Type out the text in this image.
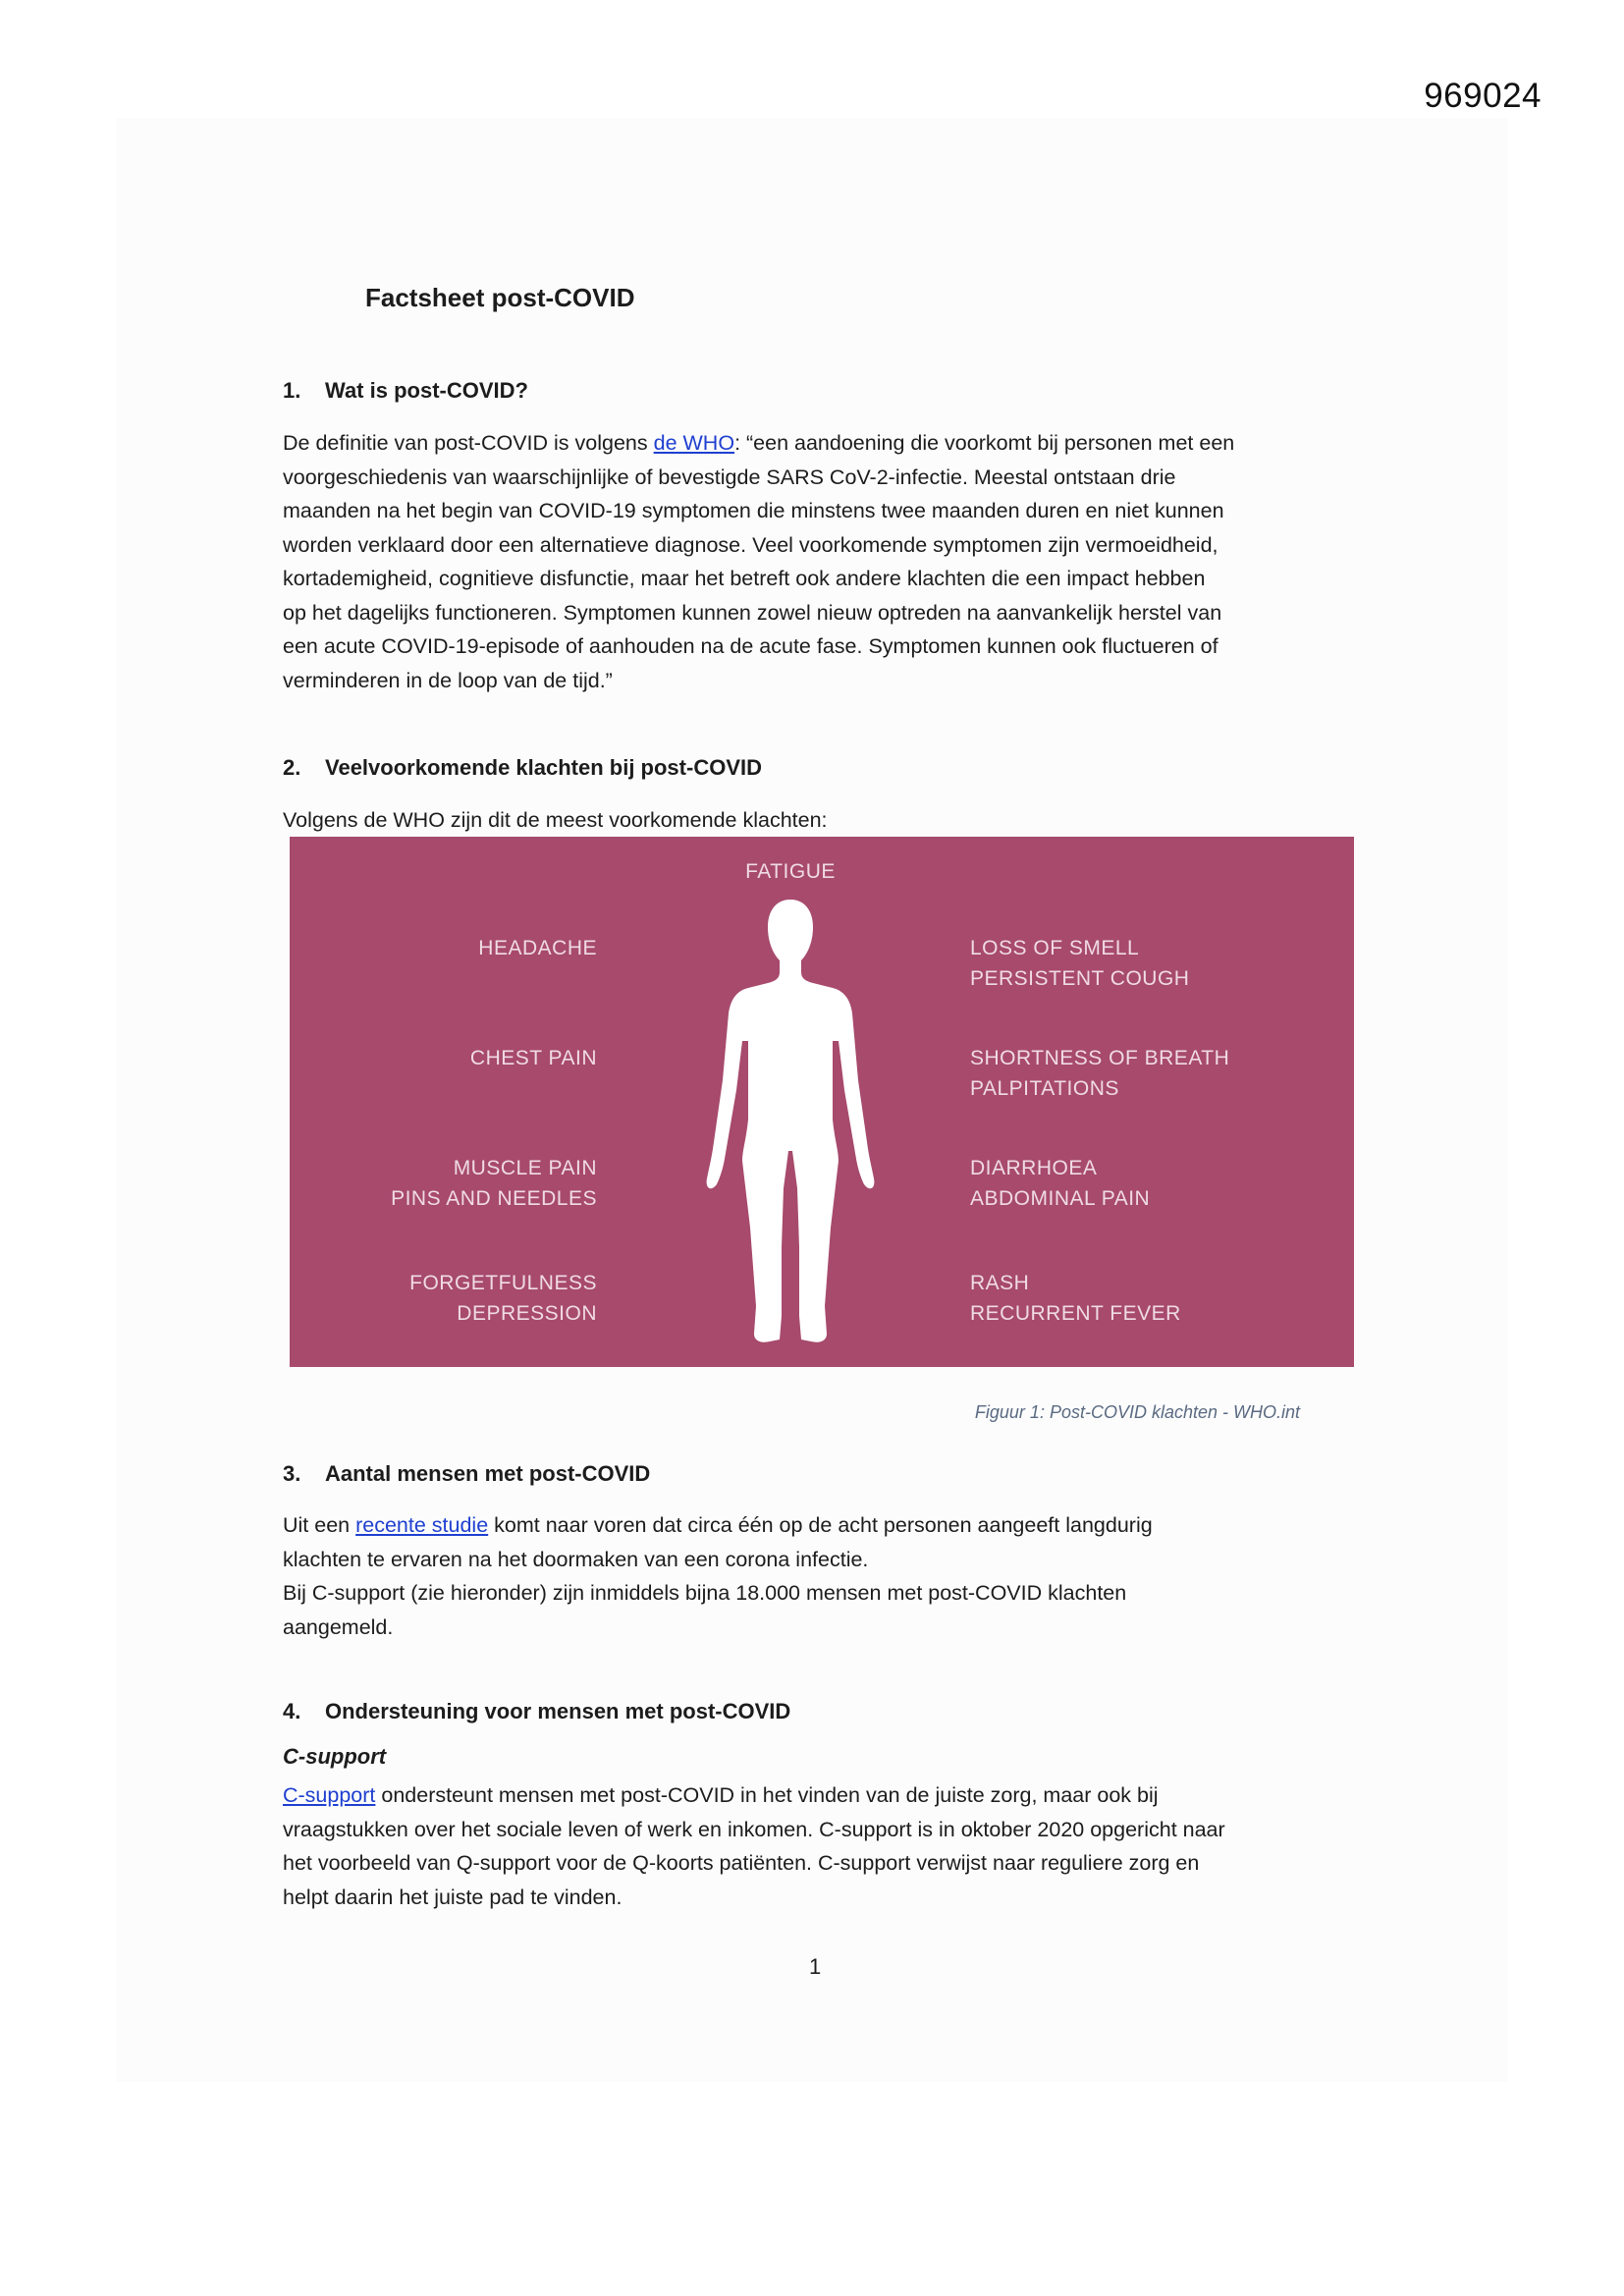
969024
Factsheet post-COVID
1. Wat is post-COVID?

De definitie van post-COVID is volgens de WHO: “een aandoening die voorkomt bij personen met een
voorgeschiedenis van waarschijnlijke of bevestigde SARS CoV-2-infectie. Meestal ontstaan drie
maanden na het begin van COVID-19 symptomen die minstens twee maanden duren en niet kunnen
worden verklaard door een alternatieve diagnose. Veel voorkomende symptomen zijn vermoeidheid,
kortademigheid, cognitieve disfunctie, maar het betreft ook andere klachten die een impact hebben
op het dagelijks functioneren. Symptomen kunnen zowel nieuw optreden na aanvankelijk herstel van
een acute COVID-19-episode of aanhouden na de acute fase. Symptomen kunnen ook fluctueren of
verminderen in de loop van de tijd.”

2. Veelvoorkomende klachten bij post-COVID

Volgens de WHO zijn dit de meest voorkomende klachten:

FATIGUE
HEADACHE
CHEST PAIN
MUSCLE PAIN
PINS AND NEEDLES
FORGETFULNESS
DEPRESSION
LOSS OF SMELL
PERSISTENT COUGH
SHORTNESS OF BREATH
PALPITATIONS
DIARRHOEA
ABDOMINAL PAIN
RASH
RECURRENT FEVER
Figuur 1: Post-COVID klachten - WHO.int
3. Aantal mensen met post-COVID

Uit een recente studie komt naar voren dat circa één op de acht personen aangeeft langdurig
klachten te ervaren na het doormaken van een corona infectie.
Bij C-support (zie hieronder) zijn inmiddels bijna 18.000 mensen met post-COVID klachten
aangemeld.

4. Ondersteuning voor mensen met post-COVID
C-support

C-support ondersteunt mensen met post-COVID in het vinden van de juiste zorg, maar ook bij
vraagstukken over het sociale leven of werk en inkomen. C-support is in oktober 2020 opgericht naar
het voorbeeld van Q-support voor de Q-koorts patiënten. C-support verwijst naar reguliere zorg en
helpt daarin het juiste pad te vinden.

1
